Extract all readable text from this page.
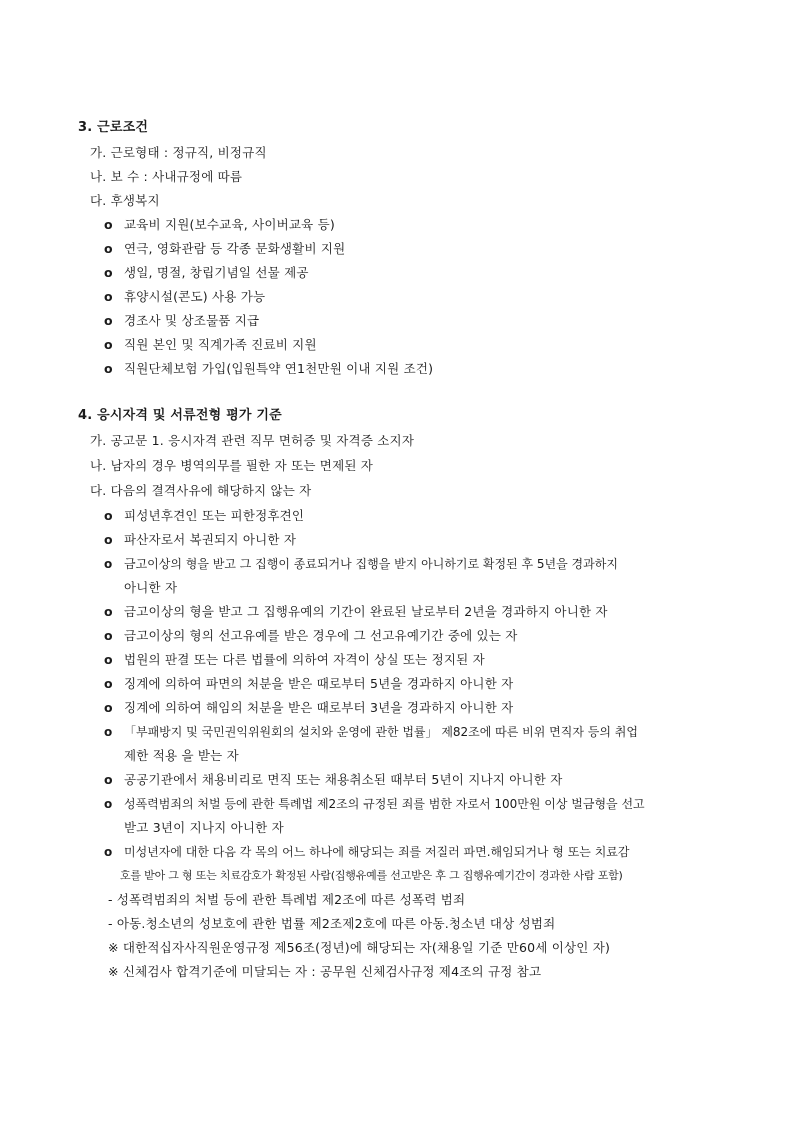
3. 근로조건
가. 근로형태 : 정규직, 비정규직
나. 보 수 : 사내규정에 따름
다. 후생복지
o 교육비 지원(보수교육, 사이버교육 등)
o 연극, 영화관람 등 각종 문화생활비 지원
o 생일, 명절, 창립기념일 선물 제공
o 휴양시설(콘도) 사용 가능
o 경조사 및 상조물품 지급
o 직원 본인 및 직계가족 진료비 지원
o 직원단체보험 가입(입원특약 연1천만원 이내 지원 조건)
4. 응시자격 및 서류전형 평가 기준
가. 공고문 1. 응시자격 관련 직무 면허증 및 자격증 소지자
나. 남자의 경우 병역의무를 필한 자 또는 면제된 자
다. 다음의 결격사유에 해당하지 않는 자
o 피성년후견인 또는 피한정후견인
o 파산자로서 복권되지 아니한 자
o 금고이상의 형을 받고 그 집행이 종료되거나 집행을 받지 아니하기로 확정된 후 5년을 경과하지
아니한 자
o 금고이상의 형을 받고 그 집행유예의 기간이 완료된 날로부터 2년을 경과하지 아니한 자
o 금고이상의 형의 선고유예를 받은 경우에 그 선고유예기간 중에 있는 자
o 법원의 판결 또는 다른 법률에 의하여 자격이 상실 또는 정지된 자
o 징계에 의하여 파면의 처분을 받은 때로부터 5년을 경과하지 아니한 자
o 징계에 의하여 해임의 처분을 받은 때로부터 3년을 경과하지 아니한 자
o 「부패방지 및 국민권익위원회의 설치와 운영에 관한 법률」 제82조에 따른 비위 면직자 등의 취업
제한 적용 을 받는 자
o 공공기관에서 채용비리로 면직 또는 채용취소된 때부터 5년이 지나지 아니한 자
o 성폭력범죄의 처벌 등에 관한 특례법 제2조의 규정된 죄를 범한 자로서 100만원 이상 벌금형을 선고
받고 3년이 지나지 아니한 자
o 미성년자에 대한 다음 각 목의 어느 하나에 해당되는 죄를 저질러 파면.해임되거나 형 또는 치료감
호를 받아 그 형 또는 치료감호가 확정된 사람(집행유예를 선고받은 후 그 집행유예기간이 경과한 사람 포함)
- 성폭력범죄의 처벌 등에 관한 특례법 제2조에 따른 성폭력 범죄
- 아동.청소년의 성보호에 관한 법률 제2조제2호에 따른 아동.청소년 대상 성범죄
※ 대한적십자사직원운영규정 제56조(정년)에 해당되는 자(채용일 기준 만60세 이상인 자)
※ 신체검사 합격기준에 미달되는 자 : 공무원 신체검사규정 제4조의 규정 참고
